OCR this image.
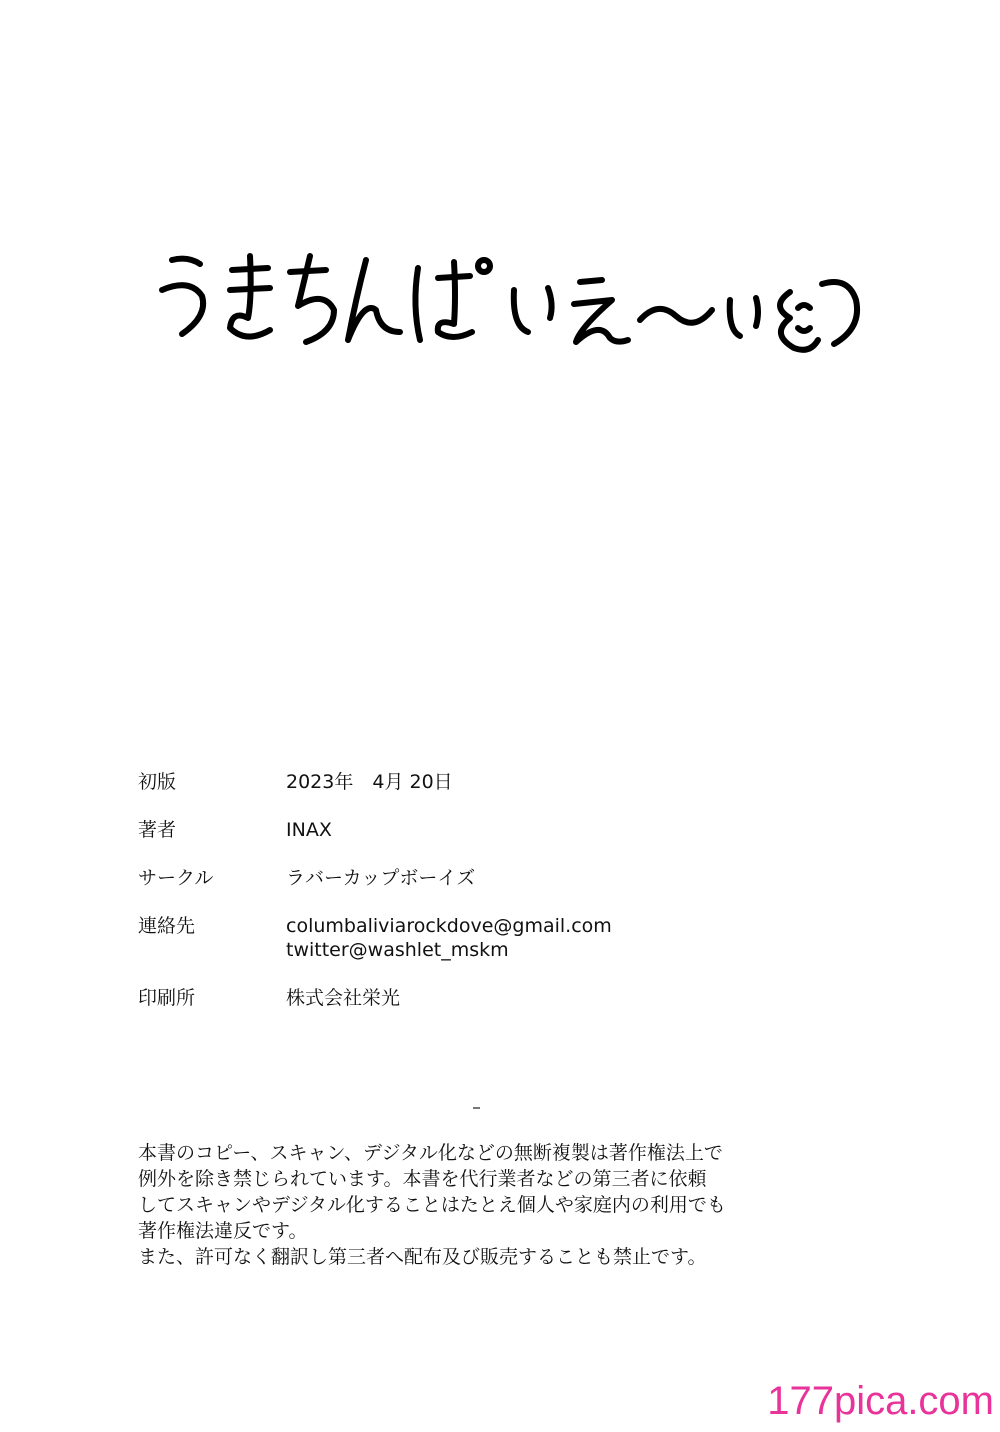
初版	2023年　4月 20日
著者	INAX
サークル	ラバーカップボーイズ
連絡先	columbaliviarockdove@gmail.com
twitter@washlet_mskm
印刷所	株式会社栄光

本書のコピー、スキャン、デジタル化などの無断複製は著作権法上で

例外を除き禁じられています。本書を代行業者などの第三者に依頼

してスキャンやデジタル化することはたとえ個人や家庭内の利用でも

著作権法違反です。

また、許可なく翻訳し第三者へ配布及び販売することも禁止です。

177pica.com
